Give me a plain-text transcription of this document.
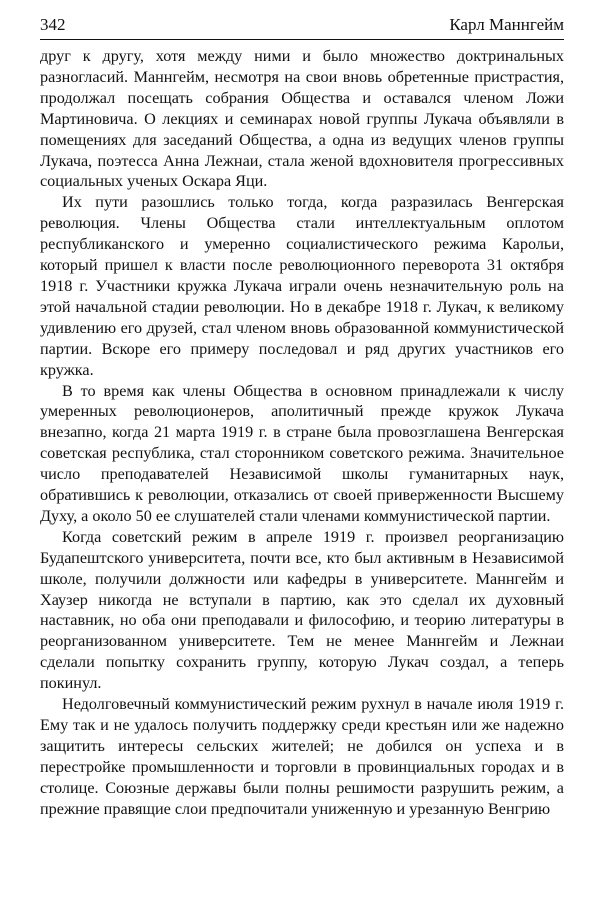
342	Карл Маннгейм

друг к другу, хотя между ними и было множество доктринальных разногласий. Маннгейм, несмотря на свои вновь обретенные пристрастия, продолжал посещать собрания Общества и оставался членом Ложи Мартиновича. О лекциях и семинарах новой группы Лукача объявляли в помещениях для заседаний Общества, а одна из ведущих членов группы Лукача, поэтесса Анна Лежнаи, стала женой вдохновителя прогрессивных социальных ученых Оскара Яци.

Их пути разошлись только тогда, когда разразилась Венгерская революция. Члены Общества стали интеллектуальным оплотом республиканского и умеренно социалистического режима Карольи, который пришел к власти после революционного переворота 31 октября 1918 г. Участники кружка Лукача играли очень незначительную роль на этой начальной стадии революции. Но в декабре 1918 г. Лукач, к великому удивлению его друзей, стал членом вновь образованной коммунистической партии. Вскоре его примеру последовал и ряд других участников его кружка.

В то время как члены Общества в основном принадлежали к числу умеренных революционеров, аполитичный прежде кружок Лукача внезапно, когда 21 марта 1919 г. в стране была провозглашена Венгерская советская республика, стал сторонником советского режима. Значительное число преподавателей Независимой школы гуманитарных наук, обратившись к революции, отказались от своей приверженности Высшему Духу, а около 50 ее слушателей стали членами коммунистической партии.

Когда советский режим в апреле 1919 г. произвел реорганизацию Будапештского университета, почти все, кто был активным в Независимой школе, получили должности или кафедры в университете. Маннгейм и Хаузер никогда не вступали в партию, как это сделал их духовный наставник, но оба они преподавали и философию, и теорию литературы в реорганизованном университете. Тем не менее Маннгейм и Лежнаи сделали попытку сохранить группу, которую Лукач создал, а теперь покинул.

Недолговечный коммунистический режим рухнул в начале июля 1919 г. Ему так и не удалось получить поддержку среди крестьян или же надежно защитить интересы сельских жителей; не добился он успеха и в перестройке промышленности и торговли в провинциальных городах и в столице. Союзные державы были полны решимости разрушить режим, а прежние правящие слои предпочитали униженную и урезанную Венгрию
